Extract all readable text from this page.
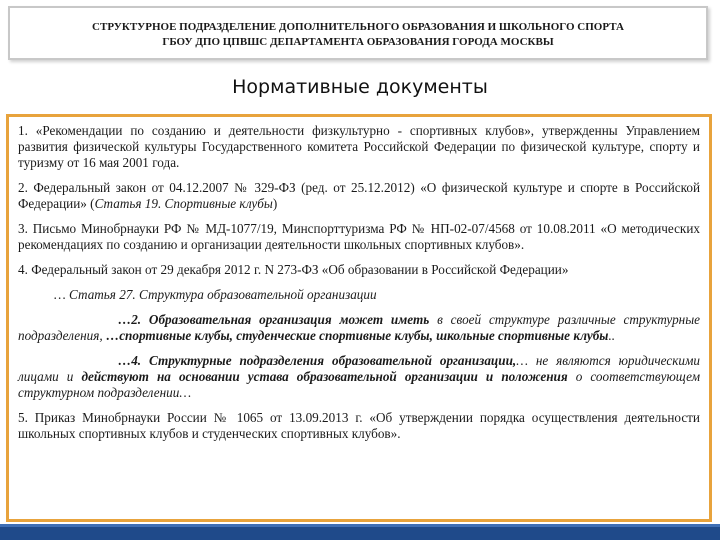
СТРУКТУРНОЕ ПОДРАЗДЕЛЕНИЕ ДОПОЛНИТЕЛЬНОГО ОБРАЗОВАНИЯ И ШКОЛЬНОГО СПОРТА
ГБОУ ДПО ЦПВШС ДЕПАРТАМЕНТА ОБРАЗОВАНИЯ ГОРОДА МОСКВЫ
Нормативные документы

1. «Рекомендации по созданию и деятельности физкультурно - спортивных клубов», утвержденны Управлением развития физической культуры Государственного комитета Российской Федерации по физической культуре, спорту и туризму от 16 мая 2001 года.

2. Федеральный закон от 04.12.2007 № 329-ФЗ (ред. от 25.12.2012) «О физической культуре и спорте в Российской Федерации» (Статья 19. Спортивные клубы)

3. Письмо Минобрнауки РФ № МД-1077/19, Минспорттуризма РФ № НП-02-07/4568 от 10.08.2011 «О методических рекомендациях по созданию и организации деятельности школьных спортивных клубов».

4. Федеральный закон от 29 декабря 2012 г. N 273-ФЗ «Об образовании в Российской Федерации»

… Статья 27. Структура образовательной организации

…2. Образовательная организация может иметь в своей структуре различные структурные подразделения, …спортивные клубы, студенческие спортивные клубы, школьные спортивные клубы..

…4. Структурные подразделения образовательной организации,… не являются юридическими лицами и действуют на основании устава образовательной организации и положения о соответствующем структурном подразделении…

5. Приказ Минобрнауки России № 1065 от 13.09.2013 г. «Об утверждении порядка осуществления деятельности школьных спортивных клубов и студенческих спортивных клубов».
